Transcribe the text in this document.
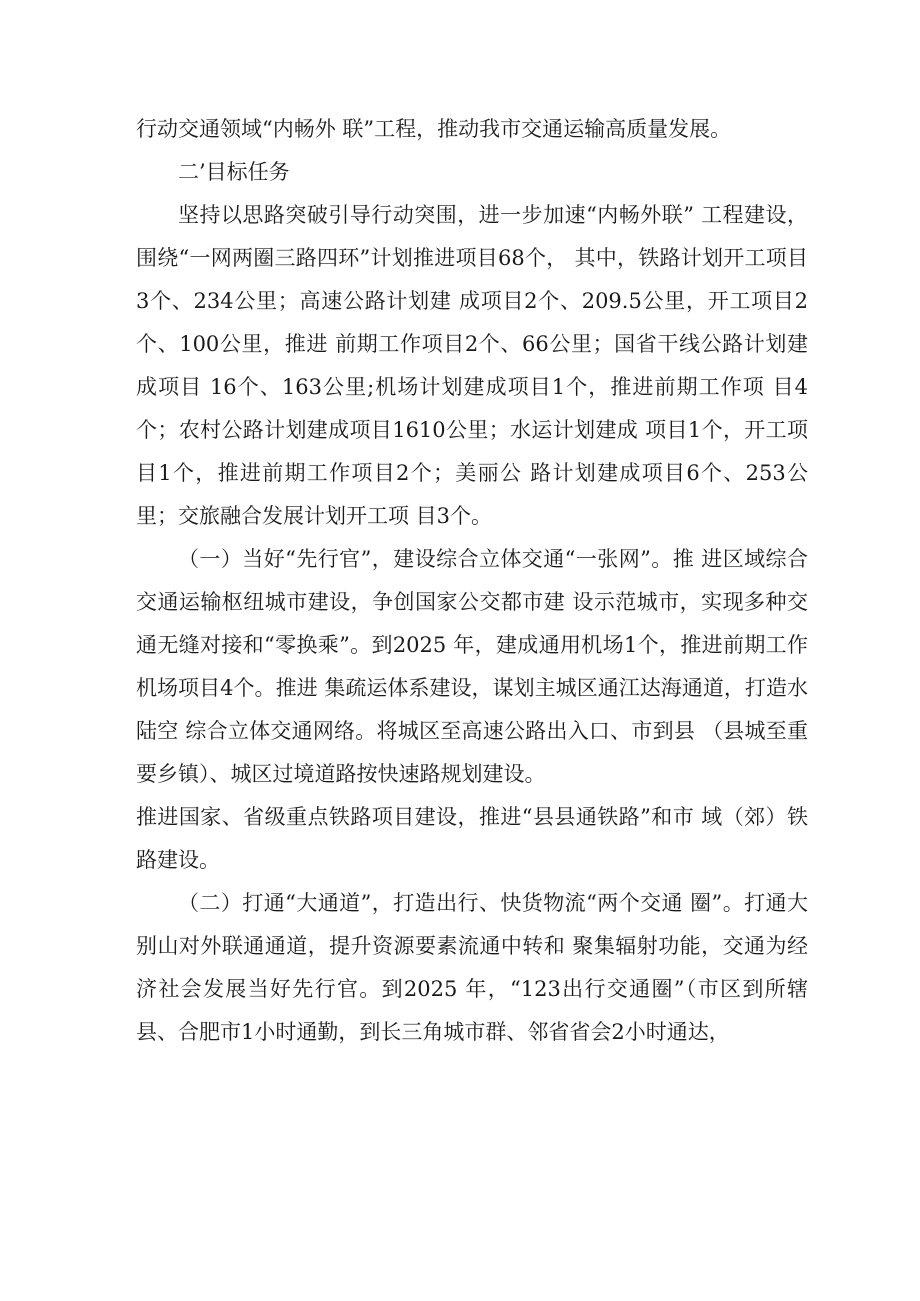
行动交通领域“内畅外 联”工程，推动我市交通运输高质量发展。

二’目标任务

坚持以思路突破引导行动突围，进一步加速“内畅外联” 工程建设，围绕“一网两圈三路四环”计划推进项目68个， 其中，铁路计划开工项目3个、234公里；高速公路计划建 成项目2个、209.5公里，开工项目2个、100公里，推进 前期工作项目2个、66公里；国省干线公路计划建成项目 16个、163公里;机场计划建成项目1个，推进前期工作项 目4个；农村公路计划建成项目1610公里；水运计划建成 项目1个，开工项目1个，推进前期工作项目2个；美丽公 路计划建成项目6个、253公里；交旅融合发展计划开工项 目3个。

（一）当好“先行官”，建设综合立体交通“一张网”。推 进区域综合交通运输枢纽城市建设，争创国家公交都市建 设示范城市，实现多种交通无缝对接和“零换乘”。到2025 年，建成通用机场1个，推进前期工作机场项目4个。推进 集疏运体系建设，谋划主城区通江达海通道，打造水陆空 综合立体交通网络。将城区至高速公路出入口、市到县 （县城至重要乡镇）、城区过境道路按快速路规划建设。

推进国家、省级重点铁路项目建设，推进“县县通铁路”和市 域（郊）铁路建设。

（二）打通“大通道”，打造出行、快货物流“两个交通 圈”。打通大别山对外联通通道，提升资源要素流通中转和 聚集辐射功能，交通为经济社会发展当好先行官。到2025 年，“123出行交通圈”（市区到所辖县、合肥市1小时通勤，到长三角城市群、邻省省会2小时通达，
